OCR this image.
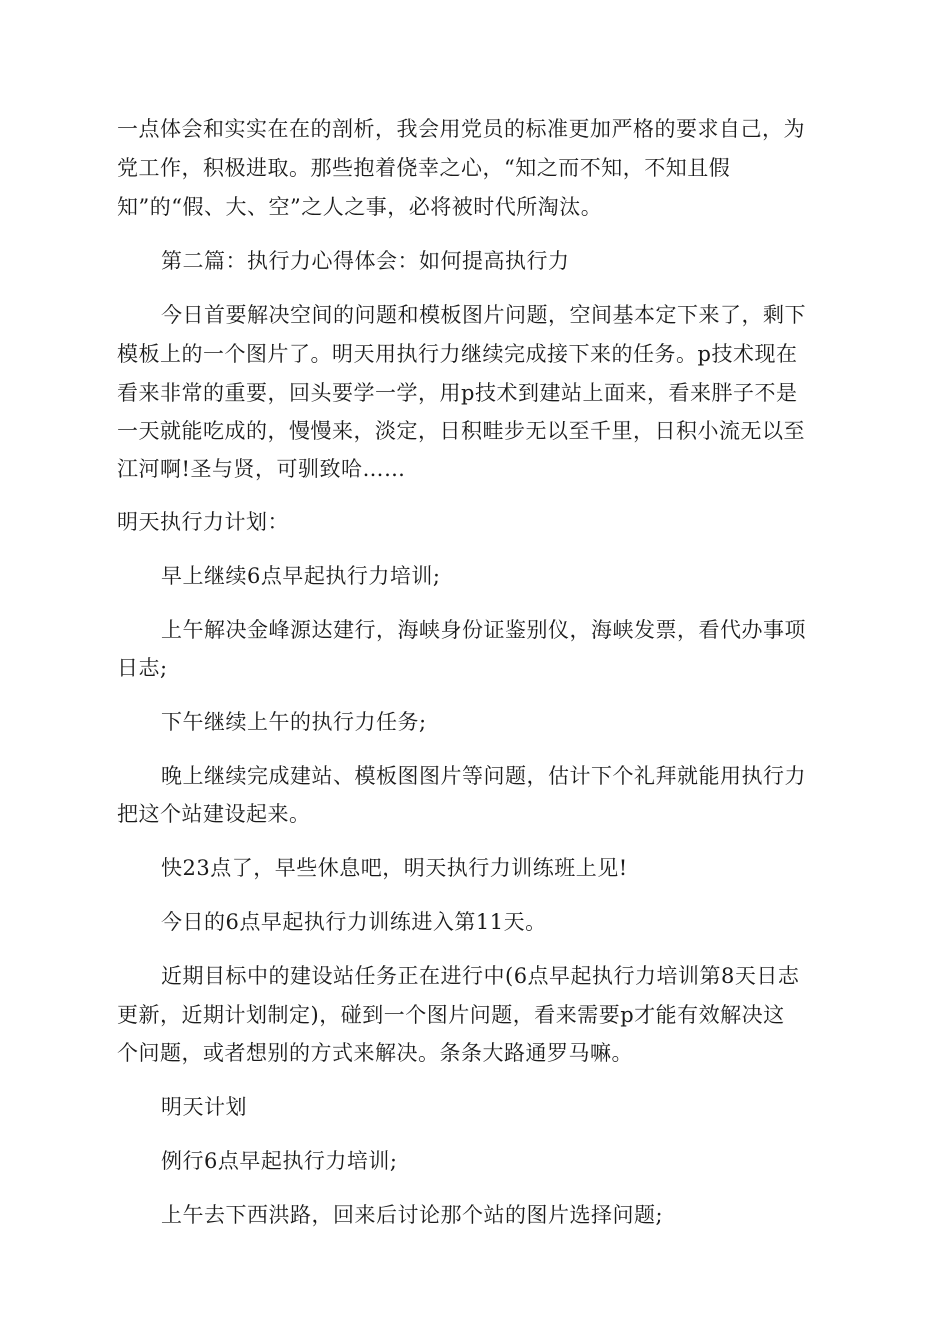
一点体会和实实在在的剖析，我会用党员的标准更加严格的要求自己，为
党工作，积极进取。那些抱着侥幸之心，“知之而不知，不知且假
知”的“假、大、空”之人之事，必将被时代所淘汰。
第二篇：执行力心得体会：如何提高执行力
今日首要解决空间的问题和模板图片问题，空间基本定下来了，剩下
模板上的一个图片了。明天用执行力继续完成接下来的任务。p技术现在
看来非常的重要，回头要学一学，用p技术到建站上面来，看来胖子不是
一天就能吃成的，慢慢来，淡定，日积畦步无以至千里，日积小流无以至
江河啊!圣与贤，可驯致哈……
明天执行力计划：
早上继续6点早起执行力培训;
上午解决金峰源达建行，海峡身份证鉴别仪，海峡发票，看代办事项
日志;
下午继续上午的执行力任务;
晚上继续完成建站、模板图图片等问题，估计下个礼拜就能用执行力
把这个站建设起来。
快23点了，早些休息吧，明天执行力训练班上见!
今日的6点早起执行力训练进入第11天。
近期目标中的建设站任务正在进行中(6点早起执行力培训第8天日志
更新，近期计划制定)，碰到一个图片问题，看来需要p才能有效解决这
个问题，或者想别的方式来解决。条条大路通罗马嘛。
明天计划
例行6点早起执行力培训;
上午去下西洪路，回来后讨论那个站的图片选择问题;
